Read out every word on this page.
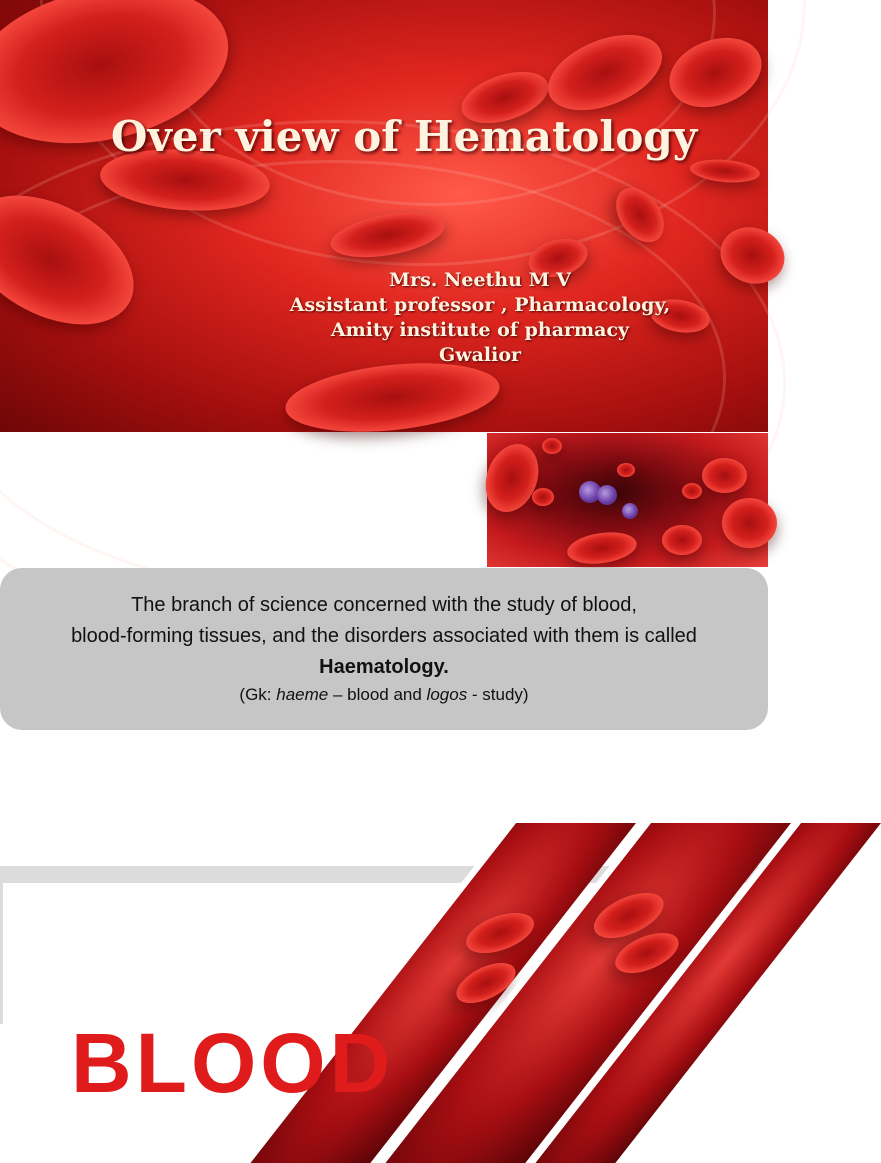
Over view of Hematology
Mrs. Neethu M V
Assistant professor , Pharmacology,
Amity institute of pharmacy
Gwalior
The branch of science concerned with the study of blood,
blood-forming tissues, and the disorders associated with them is called
Haematology.
(Gk: haeme – blood and logos - study)
BLOOD
